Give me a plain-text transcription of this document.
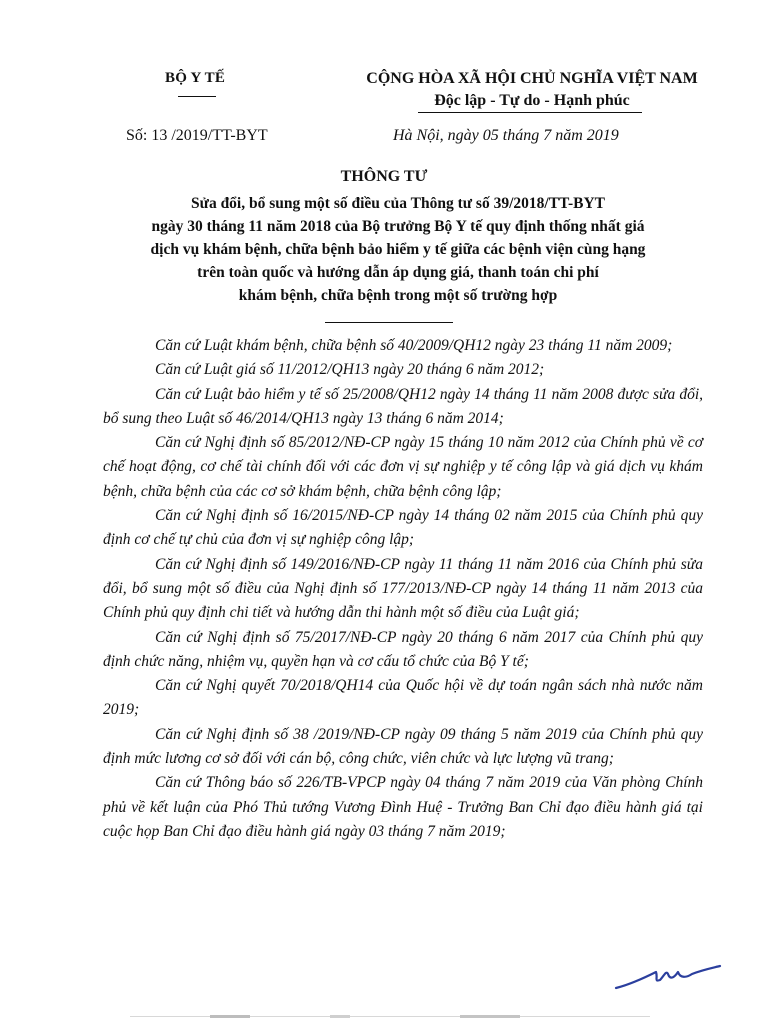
BỘ Y TẾ	CỘNG HÒA XÃ HỘI CHỦ NGHĨA VIỆT NAM
Độc lập - Tự do - Hạnh phúc
Số: 13 /2019/TT-BYT	Hà Nội, ngày 05 tháng 7 năm 2019
THÔNG TƯ
Sửa đổi, bổ sung một số điều của Thông tư số 39/2018/TT-BYT
ngày 30 tháng 11 năm 2018 của Bộ trưởng Bộ Y tế quy định thống nhất giá
dịch vụ khám bệnh, chữa bệnh bảo hiểm y tế giữa các bệnh viện cùng hạng
trên toàn quốc và hướng dẫn áp dụng giá, thanh toán chi phí
khám bệnh, chữa bệnh trong một số trường hợp

Căn cứ Luật khám bệnh, chữa bệnh số 40/2009/QH12 ngày 23 tháng 11 năm 2009;

Căn cứ Luật giá số 11/2012/QH13 ngày 20 tháng 6 năm 2012;

Căn cứ Luật bảo hiểm y tế số 25/2008/QH12 ngày 14 tháng 11 năm 2008 được sửa đổi, bổ sung theo Luật số 46/2014/QH13 ngày 13 tháng 6 năm 2014;

Căn cứ Nghị định số 85/2012/NĐ-CP ngày 15 tháng 10 năm 2012 của Chính phủ về cơ chế hoạt động, cơ chế tài chính đối với các đơn vị sự nghiệp y tế công lập và giá dịch vụ khám bệnh, chữa bệnh của các cơ sở khám bệnh, chữa bệnh công lập;

Căn cứ Nghị định số 16/2015/NĐ-CP ngày 14 tháng 02 năm 2015 của Chính phủ quy định cơ chế tự chủ của đơn vị sự nghiệp công lập;

Căn cứ Nghị định số 149/2016/NĐ-CP ngày 11 tháng 11 năm 2016 của Chính phủ sửa đổi, bổ sung một số điều của Nghị định số 177/2013/NĐ-CP ngày 14 tháng 11 năm 2013 của Chính phủ quy định chi tiết và hướng dẫn thi hành một số điều của Luật giá;

Căn cứ Nghị định số 75/2017/NĐ-CP ngày 20 tháng 6 năm 2017 của Chính phủ quy định chức năng, nhiệm vụ, quyền hạn và cơ cấu tổ chức của Bộ Y tế;

Căn cứ Nghị quyết 70/2018/QH14 của Quốc hội về dự toán ngân sách nhà nước năm 2019;

Căn cứ Nghị định số 38 /2019/NĐ-CP ngày 09 tháng 5 năm 2019 của Chính phủ quy định mức lương cơ sở đối với cán bộ, công chức, viên chức và lực lượng vũ trang;

Căn cứ Thông báo số 226/TB-VPCP ngày 04 tháng 7 năm 2019 của Văn phòng Chính phủ về kết luận của Phó Thủ tướng Vương Đình Huệ - Trưởng Ban Chỉ đạo điều hành giá tại cuộc họp Ban Chỉ đạo điều hành giá ngày 03 tháng 7 năm 2019;
